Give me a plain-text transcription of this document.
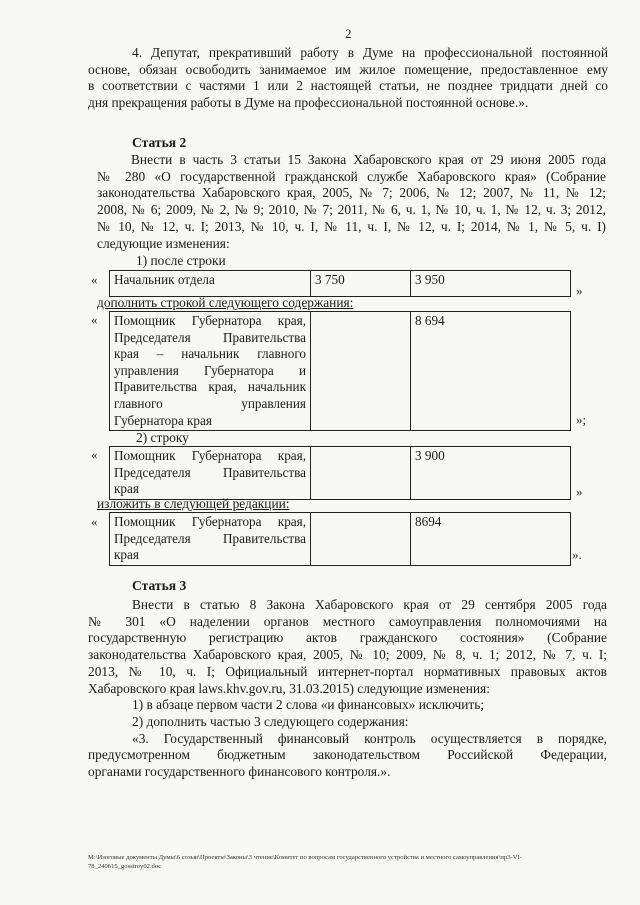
2
4. Депутат, прекративший работу в Думе на профессиональной постоянной
основе, обязан освободить занимаемое им жилое помещение, предоставленное ему
в соответствии с частями 1 или 2 настоящей статьи, не позднее тридцати дней со
дня прекращения работы в Думе на профессиональной постоянной основе.».
Статья 2
Внести в часть 3 статьи 15 Закона Хабаровского края от 29 июня 2005 года
№ 280 «О государственной гражданской службе Хабаровского края» (Собрание
законодательства Хабаровского края, 2005, № 7; 2006, № 12; 2007, № 11, № 12;
2008, № 6; 2009, № 2, № 9; 2010, № 7; 2011, № 6, ч. 1, № 10, ч. 1, № 12, ч. 3; 2012,
№ 10, № 12, ч. I; 2013, № 10, ч. I, № 11, ч. I, № 12, ч. I; 2014, № 1, № 5, ч. I)
следующие изменения:
1) после строки
« Начальник отдела	3 750	3 950
»
дополнить строкой следующего содержания:
« Помощник Губернатора края,
Председателя Правительства
края – начальник главного
управления Губернатора и
Правительства края, начальник
главного управления
Губернатора края
		8 694
»;
2) строку
« Помощник Губернатора края,
Председателя Правительства
края
		3 900
»
изложить в следующей редакции:
« Помощник Губернатора края,
Председателя Правительства
края
		8694
».
Статья 3
Внести в статью 8 Закона Хабаровского края от 29 сентября 2005 года
№ 301 «О наделении органов местного самоуправления полномочиями на
государственную регистрацию актов гражданского состояния» (Собрание
законодательства Хабаровского края, 2005, № 10; 2009, № 8, ч. 1; 2012, № 7, ч. I;
2013, № 10, ч. I; Официальный интернет-портал нормативных правовых актов
Хабаровского края laws.khv.gov.ru, 31.03.2015) следующие изменения:
1) в абзаце первом части 2 слова «и финансовых» исключить;
2) дополнить частью 3 следующего содержания:
«3. Государственный финансовый контроль осуществляется в порядке,
предусмотренном бюджетным законодательством Российской Федерации,
органами государственного финансового контроля.».
M:\Изоговые документы Думы\6 созыв\Проекты\Законы\3 чтение\Комитет по вопросам государственного устройства и местного самоуправления\пр3-VI-
78_240615_gosstroy02.doc
